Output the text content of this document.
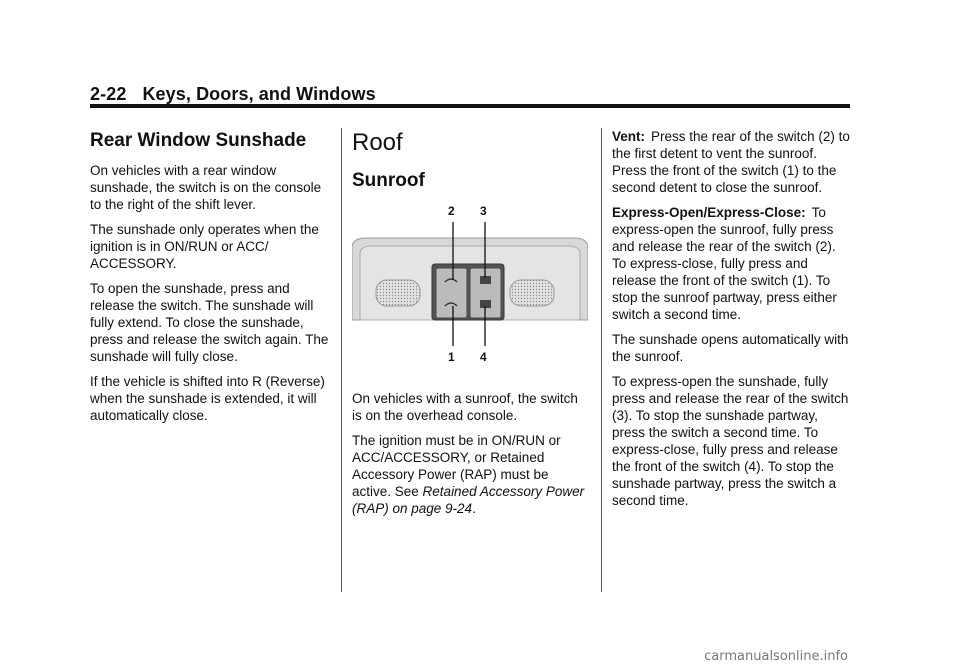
2-22 Keys, Doors, and Windows
Rear Window Sunshade

On vehicles with a rear window sunshade, the switch is on the console to the right of the shift lever.

The sunshade only operates when the ignition is in ON/RUN or ACC/ ACCESSORY.

To open the sunshade, press and release the switch. The sunshade will fully extend. To close the sunshade, press and release the switch again. The sunshade will fully close.

If the vehicle is shifted into R (Reverse) when the sunshade is extended, it will automatically close.

Roof
Sunroof
2 3
1 4

On vehicles with a sunroof, the switch is on the overhead console.

The ignition must be in ON/RUN or ACC/ACCESSORY, or Retained Accessory Power (RAP) must be active. See Retained Accessory Power (RAP) on page 9-24.

Vent: Press the rear of the switch (2) to the first detent to vent the sunroof. Press the front of the switch (1) to the second detent to close the sunroof.

Express-Open/Express-Close: To express-open the sunroof, fully press and release the rear of the switch (2). To express-close, fully press and release the front of the switch (1). To stop the sunroof partway, press either switch a second time.

The sunshade opens automatically with the sunroof.

To express-open the sunshade, fully press and release the rear of the switch (3). To stop the sunshade partway, press the switch a second time. To express-close, fully press and release the front of the switch (4). To stop the sunshade partway, press the switch a second time.

carmanualsonline.info
